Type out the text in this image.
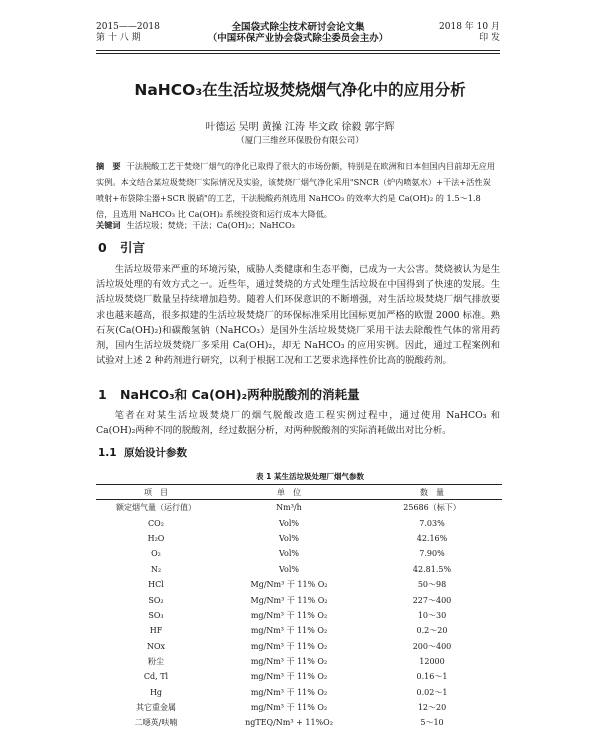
2015——2018
第 十 八 期
全国袋式除尘技术研讨会论文集
（中国环保产业协会袋式除尘委员会主办）
2018 年 10 月
印 发
NaHCO₃在生活垃圾焚烧烟气净化中的应用分析
叶德运 吴明 黄操 江涛 毕文政 徐毅 郭宇辉
（厦门三维丝环保股份有限公司）
摘　要 干法脱酸工艺于焚烧厂烟气的净化已取得了很大的市场份额，特别是在欧洲和日本但国内目前却无应用实例。本文结合某垃圾焚烧厂实际情况及实验，该焚烧厂烟气净化采用"SNCR（炉内喷氨水）+干法+活性炭喷射+布袋除尘器+SCR 脱硝"的工艺，干法脱酸药剂选用 NaHCO₃ 的效率大约是 Ca(OH)₂ 的 1.5～1.8 倍，且选用 NaHCO₃ 比 Ca(OH)₂ 系统投资和运行成本大降低。
关键词 生活垃圾；焚烧；干法；Ca(OH)₂；NaHCO₃
0 引言
生活垃圾带来严重的环境污染，威胁人类健康和生态平衡，已成为一大公害。焚烧被认为是生活垃圾处理的有效方式之一。近些年，通过焚烧的方式处理生活垃圾在中国得到了快速的发展。生活垃圾焚烧厂数量呈持续增加趋势。随着人们环保意识的不断增强，对生活垃圾焚烧厂烟气排放要求也越来越高，很多拟建的生活垃圾焚烧厂的环保标准采用比国标更加严格的欧盟 2000 标准。熟石灰(Ca(OH)₂)和碳酸氢钠（NaHCO₃）是国外生活垃圾焚烧厂采用干法去除酸性气体的常用药剂，国内生活垃圾焚烧厂多采用 Ca(OH)₂，却无 NaHCO₃ 的应用实例。因此，通过工程案例和试验对上述 2 种药剂进行研究，以利于根据工况和工艺要求选择性价比高的脱酸药剂。
1 NaHCO₃和 Ca(OH)₂两种脱酸剂的消耗量
笔者在对某生活垃圾焚烧厂的烟气脱酸改造工程实例过程中，通过使用 NaHCO₃ 和 Ca(OH)₂两种不同的脱酸剂，经过数据分析，对两种脱酸剂的实际消耗做出对比分析。
1.1 原始设计参数
表 1 某生活垃圾处理厂烟气参数
项　目	单　位	数　量
额定烟气量（运行值）	Nm³/h	25686（标下）
CO₂	Vol%	7.03%
H₂O	Vol%	42.16%
O₂	Vol%	7.90%
N₂	Vol%	42.81.5%
HCl	Mg/Nm³ 干 11% O₂	50～98
SO₂	Mg/Nm³ 干 11% O₂	227～400
SO₃	mg/Nm³ 干 11% O₂	10～30
HF	mg/Nm³ 干 11% O₂	0.2～20
NOx	mg/Nm³ 干 11% O₂	200～400
粉尘	mg/Nm³ 干 11% O₂	12000
Cd, Tl	mg/Nm³ 干 11% O₂	0.16～1
Hg	mg/Nm³ 干 11% O₂	0.02～1
其它重金属	mg/Nm³ 干 11% O₂	12～20
二噁英/呋喃	ngTEQ/Nm³ + 11%O₂	5～10
